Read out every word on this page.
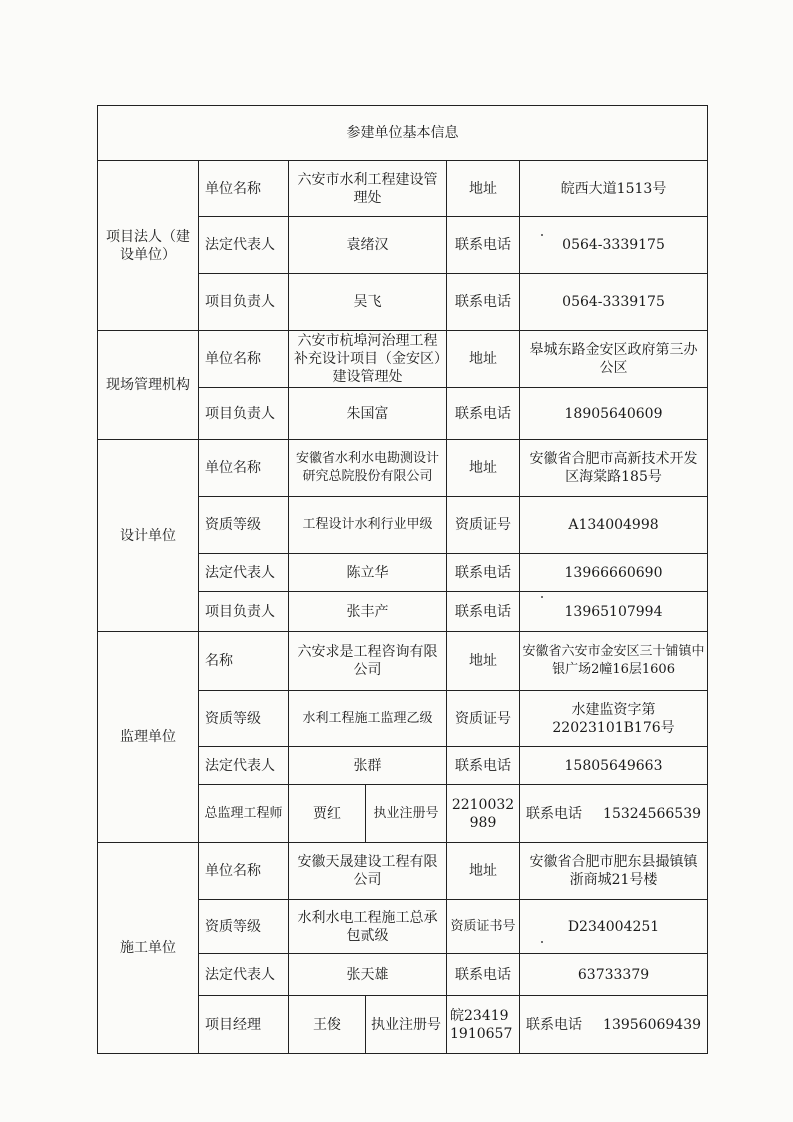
参建单位基本信息					
项目法人（建设单位）	单位名称	六安市水利工程建设管理处		地址	皖西大道1513号
	法定代表人	袁绪汉		联系电话	0564-3339175
	项目负责人	吴飞		联系电话	0564-3339175
现场管理机构	单位名称	六安市杭埠河治理工程补充设计项目（金安区）建设管理处		地址	皋城东路金安区政府第三办公区
	项目负责人	朱国富		联系电话	18905640609
设计单位	单位名称	安徽省水利水电勘测设计研究总院股份有限公司		地址	安徽省合肥市高新技术开发区海棠路185号
	资质等级	工程设计水利行业甲级		资质证号	A134004998
	法定代表人	陈立华		联系电话	13966660690
	项目负责人	张丰产		联系电话	13965107994
监理单位	名称	六安求是工程咨询有限公司		地址	安徽省六安市金安区三十铺镇中银广场2幢16层1606
	资质等级	水利工程施工监理乙级		资质证号	水建监资字第22023101B176号
	法定代表人	张群		联系电话	15805649663
	总监理工程师	贾红	执业注册号	2210032989	联系电话 15324566539

施工单位	单位名称	安徽天晟建设工程有限公司		地址	安徽省合肥市肥东县撮镇镇浙商城21号楼
	资质等级	水利水电工程施工总承包贰级		资质证书号	D234004251
	法定代表人	张天雄		联系电话	63733379
	项目经理	王俊	执业注册号	皖234191910657	联系电话 13956069439
